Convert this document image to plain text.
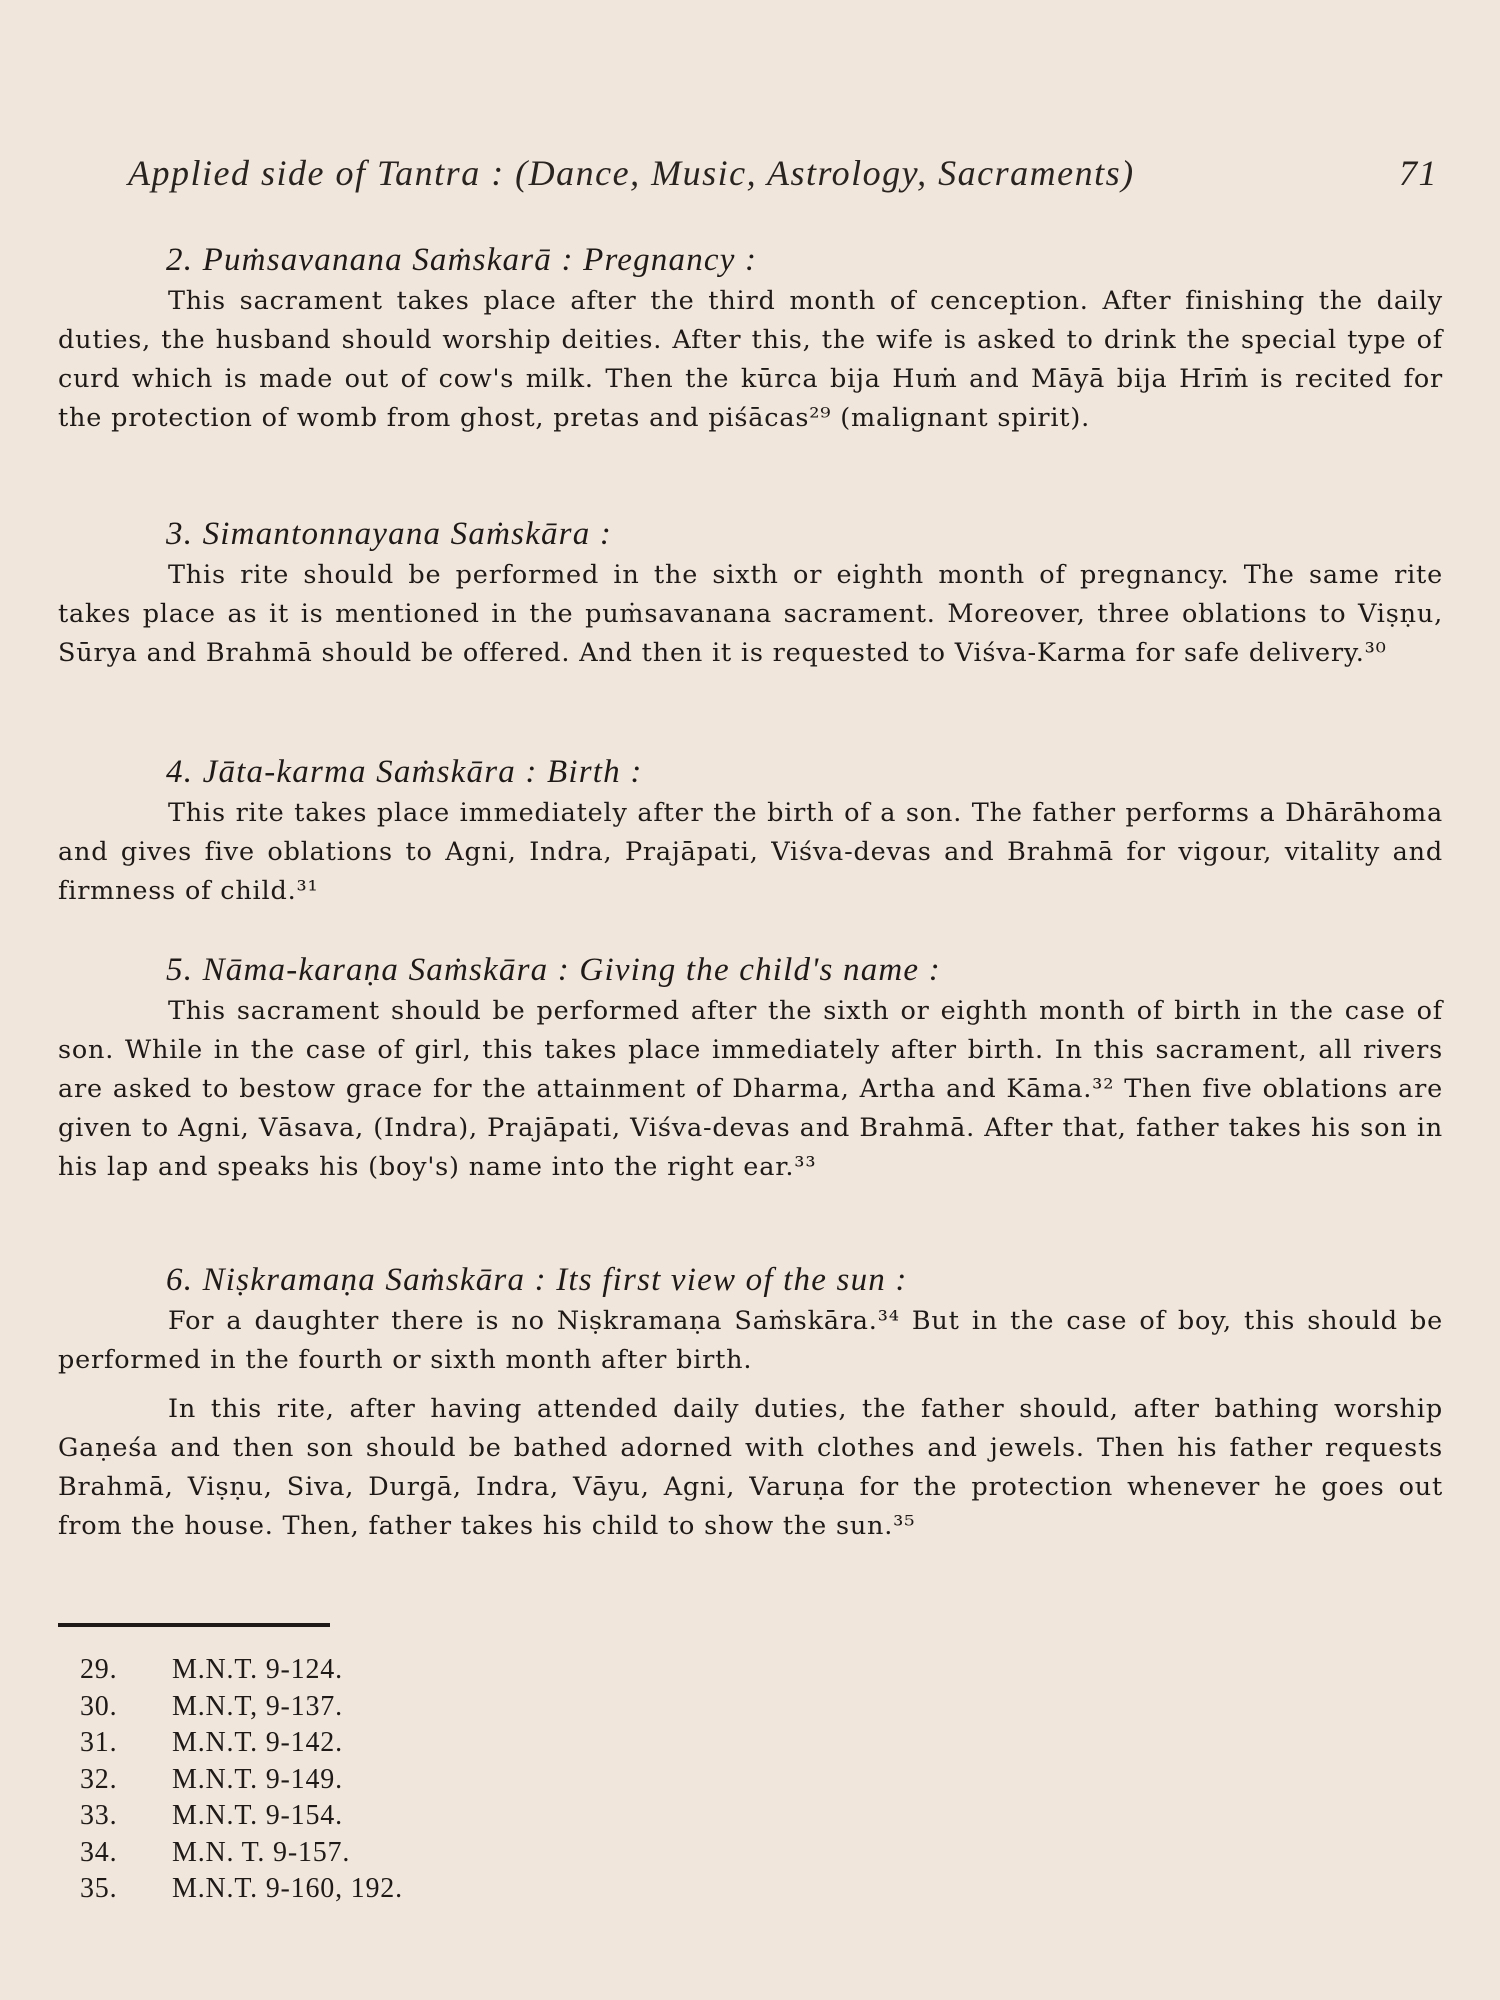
Applied side of Tantra : (Dance, Music, Astrology, Sacraments)	71
2. Puṁsavanana Saṁskarā : Pregnancy :

This sacrament takes place after the third month of cenception. After finishing the daily duties, the husband should worship deities. After this, the wife is asked to drink the special type of curd which is made out of cow's milk. Then the kūrca bija Huṁ and Māyā bija Hrīṁ is recited for the protection of womb from ghost, pretas and piśācas²⁹ (malignant spirit).

3. Simantonnayana Saṁskāra :

This rite should be performed in the sixth or eighth month of pregnancy. The same rite takes place as it is mentioned in the puṁsavanana sacrament. Moreover, three oblations to Viṣṇu, Sūrya and Brahmā should be offered. And then it is requested to Viśva-Karma for safe delivery.³⁰

4. Jāta-karma Saṁskāra : Birth :

This rite takes place immediately after the birth of a son. The father performs a Dhārāhoma and gives five oblations to Agni, Indra, Prajāpati, Viśva-devas and Brahmā for vigour, vitality and firmness of child.³¹

5. Nāma-karaṇa Saṁskāra : Giving the child's name :

This sacrament should be performed after the sixth or eighth month of birth in the case of son. While in the case of girl, this takes place immediately after birth. In this sacrament, all rivers are asked to bestow grace for the attainment of Dharma, Artha and Kāma.³² Then five oblations are given to Agni, Vāsava, (Indra), Prajāpati, Viśva-devas and Brahmā. After that, father takes his son in his lap and speaks his (boy's) name into the right ear.³³

6. Niṣkramaṇa Saṁskāra : Its first view of the sun :

For a daughter there is no Niṣkramaṇa Saṁskāra.³⁴ But in the case of boy, this should be performed in the fourth or sixth month after birth.

In this rite, after having attended daily duties, the father should, after bathing worship Gaṇeśa and then son should be bathed adorned with clothes and jewels. Then his father requests Brahmā, Viṣṇu, Siva, Durgā, Indra, Vāyu, Agni, Varuṇa for the protection whenever he goes out from the house. Then, father takes his child to show the sun.³⁵

29.	M.N.T. 9-124.
30.	M.N.T, 9-137.
31.	M.N.T. 9-142.
32.	M.N.T. 9-149.
33.	M.N.T. 9-154.
34.	M.N. T. 9-157.
35.	M.N.T. 9-160, 192.
